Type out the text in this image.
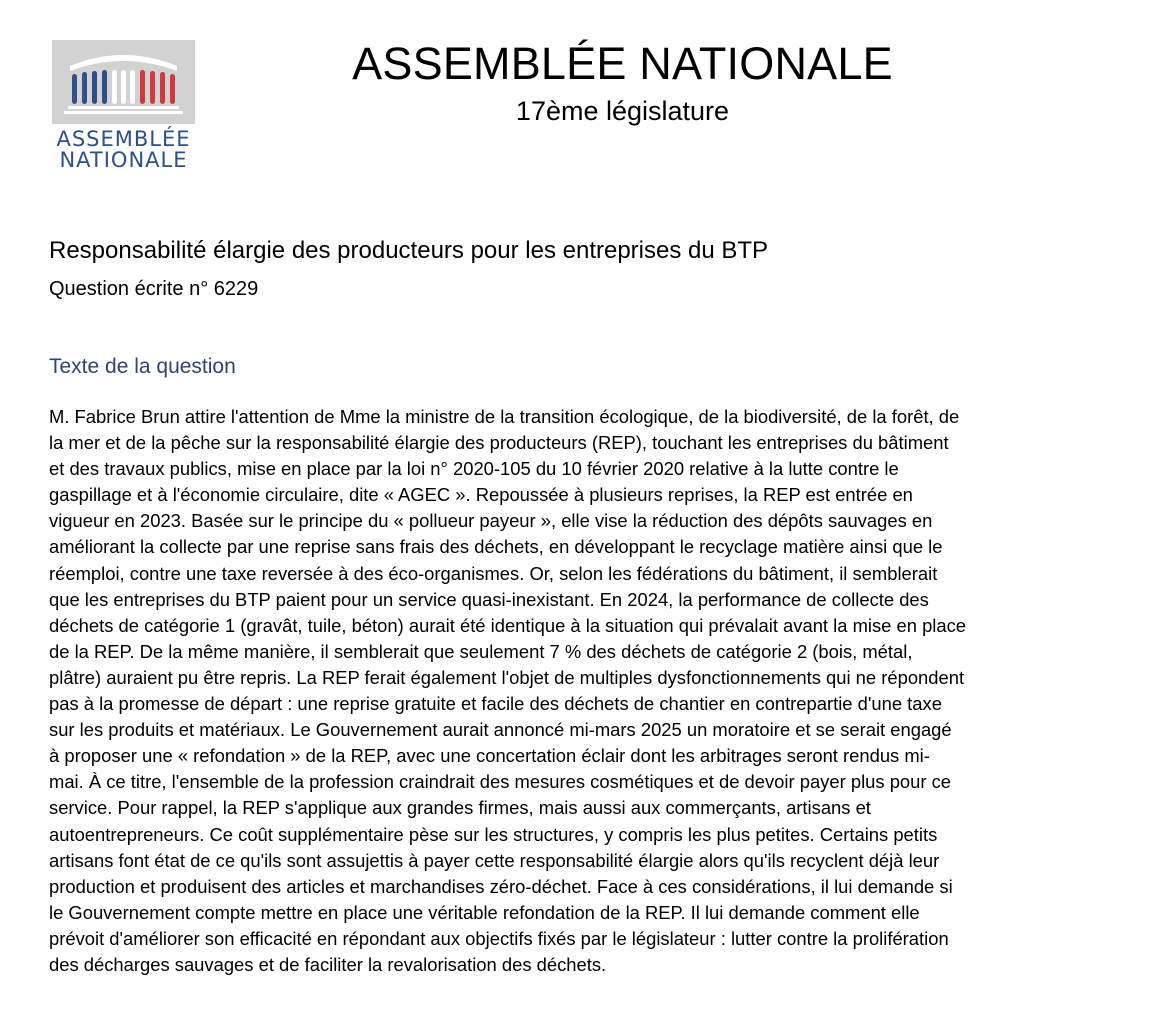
ASSEMBLÉE
NATIONALE
ASSEMBLÉE NATIONALE
17ème législature
Responsabilité élargie des producteurs pour les entreprises du BTP
Question écrite n° 6229
Texte de la question
M. Fabrice Brun attire l'attention de Mme la ministre de la transition écologique, de la biodiversité, de la forêt, de
la mer et de la pêche sur la responsabilité élargie des producteurs (REP), touchant les entreprises du bâtiment
et des travaux publics, mise en place par la loi n° 2020-105 du 10 février 2020 relative à la lutte contre le
gaspillage et à l'économie circulaire, dite « AGEC ». Repoussée à plusieurs reprises, la REP est entrée en
vigueur en 2023. Basée sur le principe du « pollueur payeur », elle vise la réduction des dépôts sauvages en
améliorant la collecte par une reprise sans frais des déchets, en développant le recyclage matière ainsi que le
réemploi, contre une taxe reversée à des éco-organismes. Or, selon les fédérations du bâtiment, il semblerait
que les entreprises du BTP paient pour un service quasi-inexistant. En 2024, la performance de collecte des
déchets de catégorie 1 (gravât, tuile, béton) aurait été identique à la situation qui prévalait avant la mise en place
de la REP. De la même manière, il semblerait que seulement 7 % des déchets de catégorie 2 (bois, métal,
plâtre) auraient pu être repris. La REP ferait également l'objet de multiples dysfonctionnements qui ne répondent
pas à la promesse de départ : une reprise gratuite et facile des déchets de chantier en contrepartie d'une taxe
sur les produits et matériaux. Le Gouvernement aurait annoncé mi-mars 2025 un moratoire et se serait engagé
à proposer une « refondation » de la REP, avec une concertation éclair dont les arbitrages seront rendus mi-
mai. À ce titre, l'ensemble de la profession craindrait des mesures cosmétiques et de devoir payer plus pour ce
service. Pour rappel, la REP s'applique aux grandes firmes, mais aussi aux commerçants, artisans et
autoentrepreneurs. Ce coût supplémentaire pèse sur les structures, y compris les plus petites. Certains petits
artisans font état de ce qu'ils sont assujettis à payer cette responsabilité élargie alors qu'ils recyclent déjà leur
production et produisent des articles et marchandises zéro-déchet. Face à ces considérations, il lui demande si
le Gouvernement compte mettre en place une véritable refondation de la REP. Il lui demande comment elle
prévoit d'améliorer son efficacité en répondant aux objectifs fixés par le législateur : lutter contre la prolifération
des décharges sauvages et de faciliter la revalorisation des déchets.
